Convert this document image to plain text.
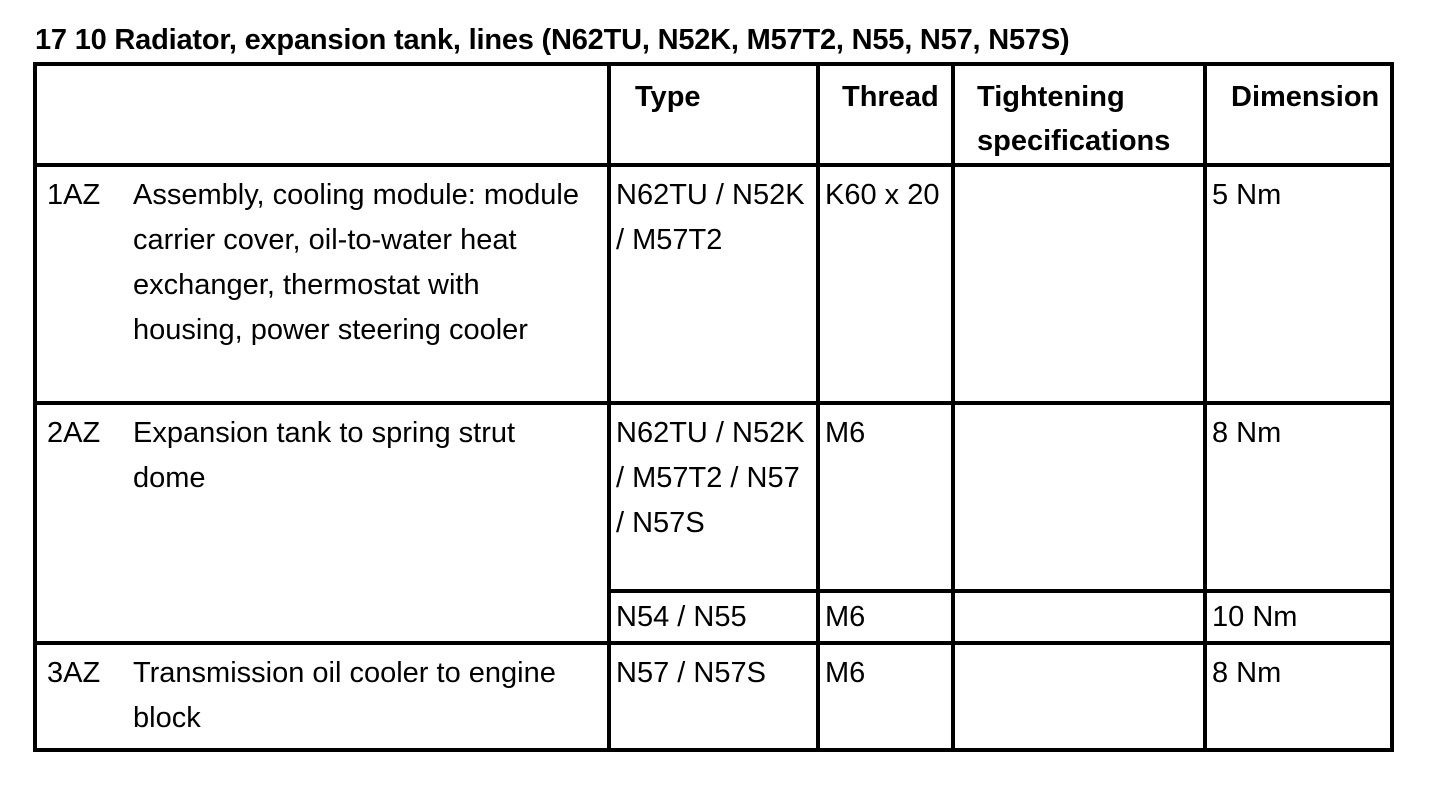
17 10 Radiator, expansion tank, lines (N62TU, N52K, M57T2, N55, N57, N57S)
	Type	Thread	Tightening specifications	Dimension

1AZ Assembly, cooling module: module carrier cover, oil-to-water heat exchanger, thermostat with housing, power steering cooler	N62TU / N52K / M57T2	K60 x 20		5 Nm

2AZ Expansion tank to spring strut dome	N62TU / N52K / M57T2 / N57 / N57S	M6		8 Nm
	N54 / N55	M6		10 Nm

3AZ Transmission oil cooler to engine block	N57 / N57S	M6		8 Nm
